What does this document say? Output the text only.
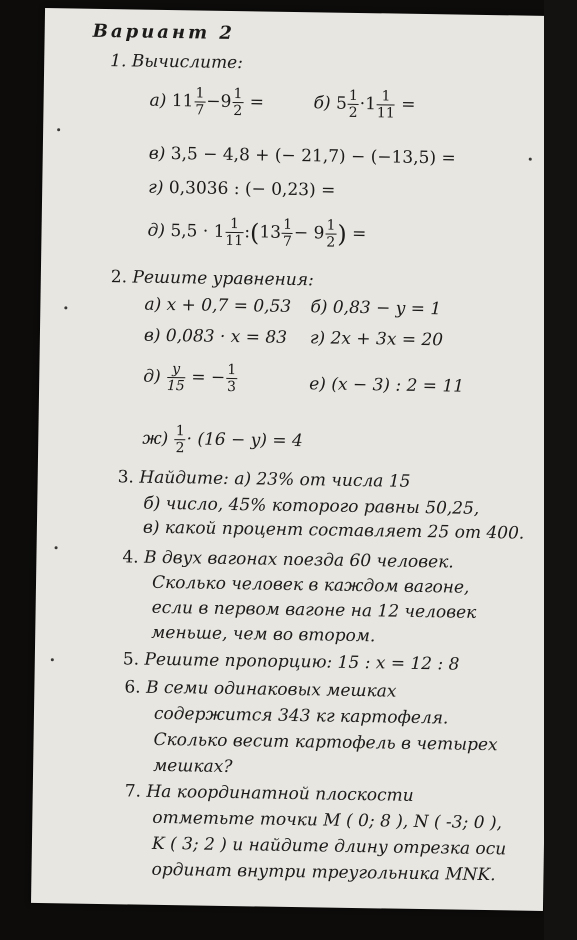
Вариант 2
1. Вычислите:
а) $11 \frac{1}{7} -9 \frac{1}{2}$ =	б) $5 \frac{1}{2} \cdot 1 \frac{1}{11}$ =
в) 3,5 − 4,8 + (− 21,7) − (−13,5) =
г) 0,3036 : (− 0,23) =
д) $5,5 \cdot 1 \frac{1}{11}$ :(13 $\frac{1}{7} - 9 \frac{1}{2}$ ) =
2. Решите уравнения:
а) x + 0,7 = 0,53 б) 0,83 − y = 1
в) 0,083 · x = 83 г) 2x + 3x = 20
$д) \frac{y}{15}$ = − $\frac{1}{3}$	е) (x − 3) : 2 = 11
$ж) \frac{1}{2} \cdot (16 - y) = 4$
3. Найдите: а) 23% от числа 15
б) число, 45% которого равны 50,25,
в) какой процент составляет 25 от 400.
4. В двух вагонах поезда 60 человек.
Сколько человек в каждом вагоне,
если в первом вагоне на 12 человек
меньше, чем во втором.
5. Решите пропорцию: 15 : x = 12 : 8
6. В семи одинаковых мешках
содержится 343 кг картофеля.
Сколько весит картофель в четырех
мешках?
7. На координатной плоскости
отметьте точки M ( 0; 8 ), N ( -3; 0 ),
K ( 3; 2 ) и найдите длину отрезка оси
ординат внутри треугольника MNK.
